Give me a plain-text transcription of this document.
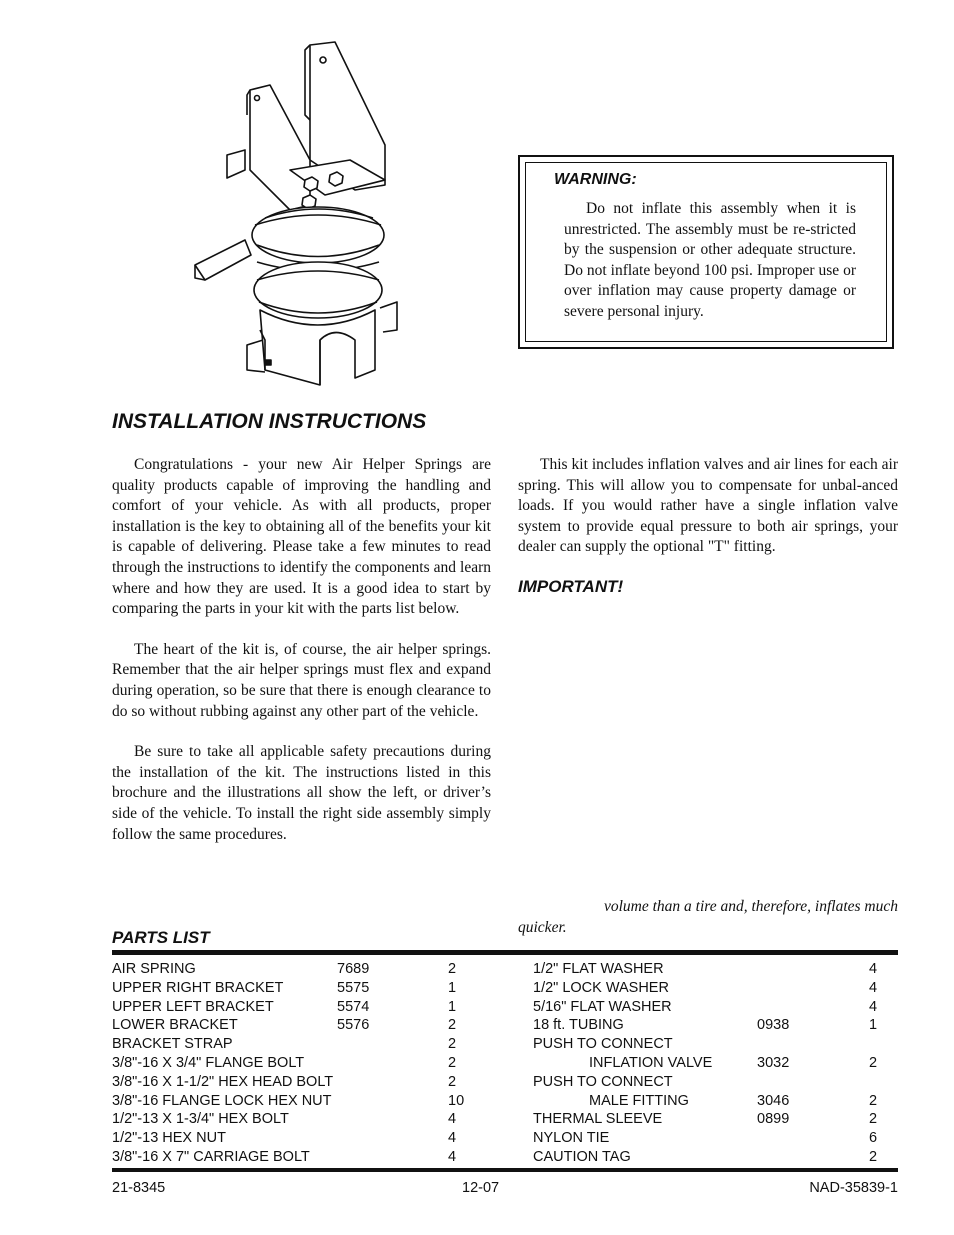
WARNING:
Do not inflate this assembly when it is unrestricted. The assembly must be re-stricted by the suspension or other adequate structure. Do not inflate beyond 100 psi. Improper use or over inflation may cause property damage or severe personal injury.
INSTALLATION INSTRUCTIONS

Congratulations - your new Air Helper Springs are quality products capable of improving the handling and comfort of your vehicle. As with all products, proper installation is the key to obtaining all of the benefits your kit is capable of delivering. Please take a few minutes to read through the instructions to identify the components and learn where and how they are used. It is a good idea to start by comparing the parts in your kit with the parts list below.

The heart of the kit is, of course, the air helper springs. Remember that the air helper springs must flex and expand during operation, so be sure that there is enough clearance to do so without rubbing against any other part of the vehicle.

Be sure to take all applicable safety precautions during the installation of the kit. The instructions listed in this brochure and the illustrations all show the left, or driver’s side of the vehicle. To install the right side assembly simply follow the same procedures.

This kit includes inflation valves and air lines for each air spring. This will allow you to compensate for unbal-anced loads. If you would rather have a single inflation valve system to provide equal pressure to both air springs, your dealer can supply the optional "T" fitting.

IMPORTANT!
volume than a tire and, therefore, inflates much
quicker.
PARTS LIST
AIR SPRING	7689	2
UPPER RIGHT BRACKET	5575	1
UPPER LEFT BRACKET	5574	1
LOWER BRACKET	5576	2
BRACKET STRAP	2
3/8"-16 X 3/4" FLANGE BOLT	2
3/8"-16 X 1-1/2" HEX HEAD BOLT	2
3/8"-16 FLANGE LOCK HEX NUT	10
1/2"-13 X 1-3/4" HEX BOLT	4
1/2"-13 HEX NUT	4
3/8"-16 X 7" CARRIAGE BOLT	4
1/2" FLAT WASHER	4
1/2" LOCK WASHER	4
5/16" FLAT WASHER	4
18 ft. TUBING	0938	1
PUSH TO CONNECT
INFLATION VALVE	3032	2
PUSH TO CONNECT
MALE FITTING	3046	2
THERMAL SLEEVE	0899	2
NYLON TIE	6
CAUTION TAG	2
21-8345	12-07	NAD-35839-1
